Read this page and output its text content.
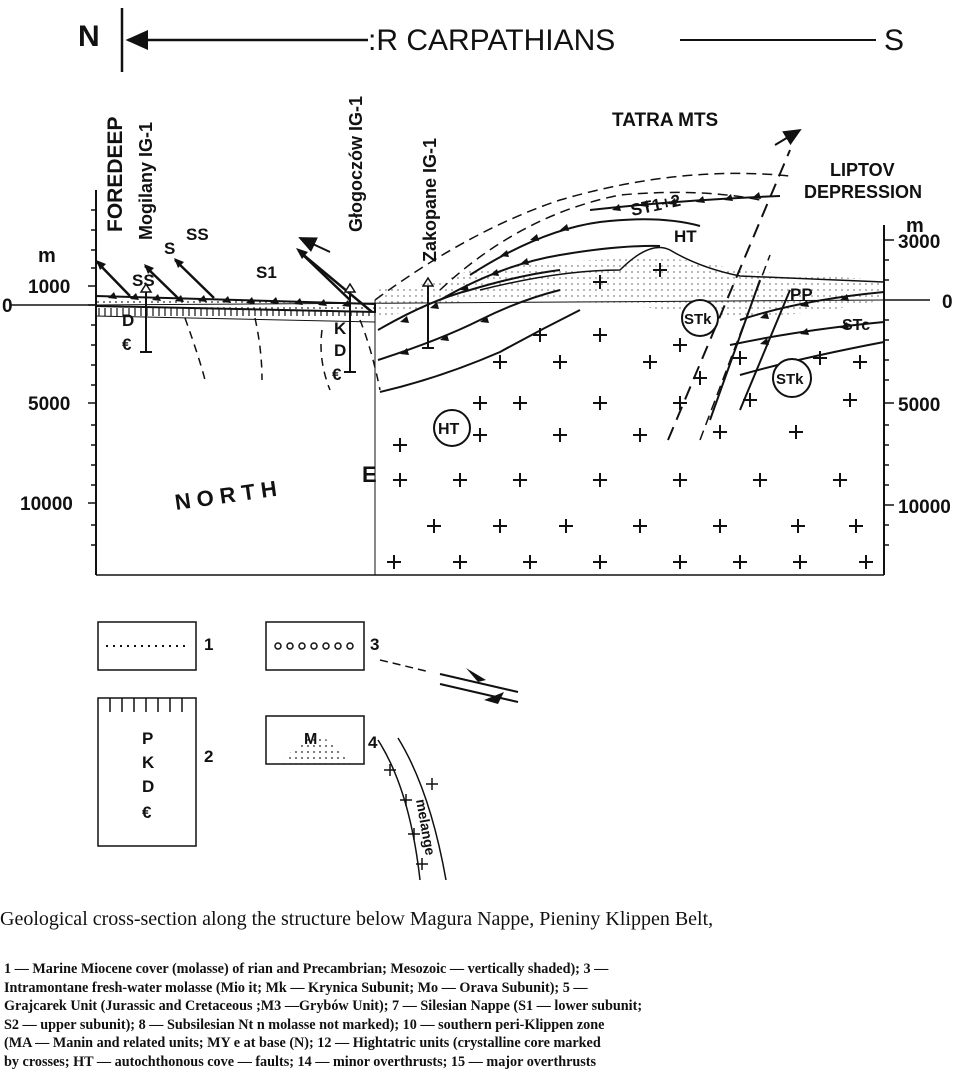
N	:R CARPATHIANS	S
m
1000
0
5000
10000
m
3000
0
5000
10000
FOREDEEP Mogilany IG-1	Głogoczów IG-1	Zakopane IG-1
SS
S
SS
S1
D
€
K
D
€
TATRA MTS
LIPTOV
DEPRESSION
ST1+2
HT
HT
STk
STk
PP
STc
N O R T H
E
1	3
P
K
D
€
2
M	4
melange
Geological cross-section along the structure below Magura Nappe, Pieniny Klippen Belt,
1 — Marine Miocene cover (molasse) of rian and Precambrian; Mesozoic — vertically shaded); 3 —
Intramontane fresh-water molasse (Mio it; Mk — Krynica Subunit; Mo — Orava Subunit); 5 —
Grajcarek Unit (Jurassic and Cretaceous ;M3 —Grybów Unit); 7 — Silesian Nappe (S1 — lower subunit;
S2 — upper subunit); 8 — Subsilesian Nt n molasse not marked); 10 — southern peri-Klippen zone
(MA — Manin and related units; MY e at base (N); 12 — Hightatric units (crystalline core marked
by crosses; HT — autochthonous cove — faults; 14 — minor overthrusts; 15 — major overthrusts
